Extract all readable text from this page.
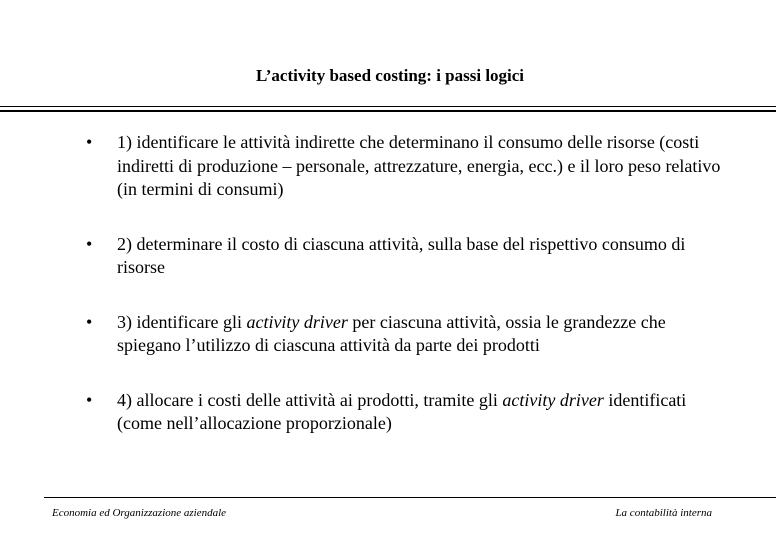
L’activity based costing: i passi logici
• 1) identificare le attività indirette che determinano il consumo delle risorse (costi indiretti di produzione – personale, attrezzature, energia, ecc.) e il loro peso relativo (in termini di consumi)
• 2) determinare il costo di ciascuna attività, sulla base del rispettivo consumo di risorse
• 3) identificare gli activity driver per ciascuna attività, ossia le grandezze che spiegano l’utilizzo di ciascuna attività da parte dei prodotti
• 4) allocare i costi delle attività ai prodotti, tramite gli activity driver identificati (come nell’allocazione proporzionale)
Economia ed Organizzazione aziendale	La contabilità interna
